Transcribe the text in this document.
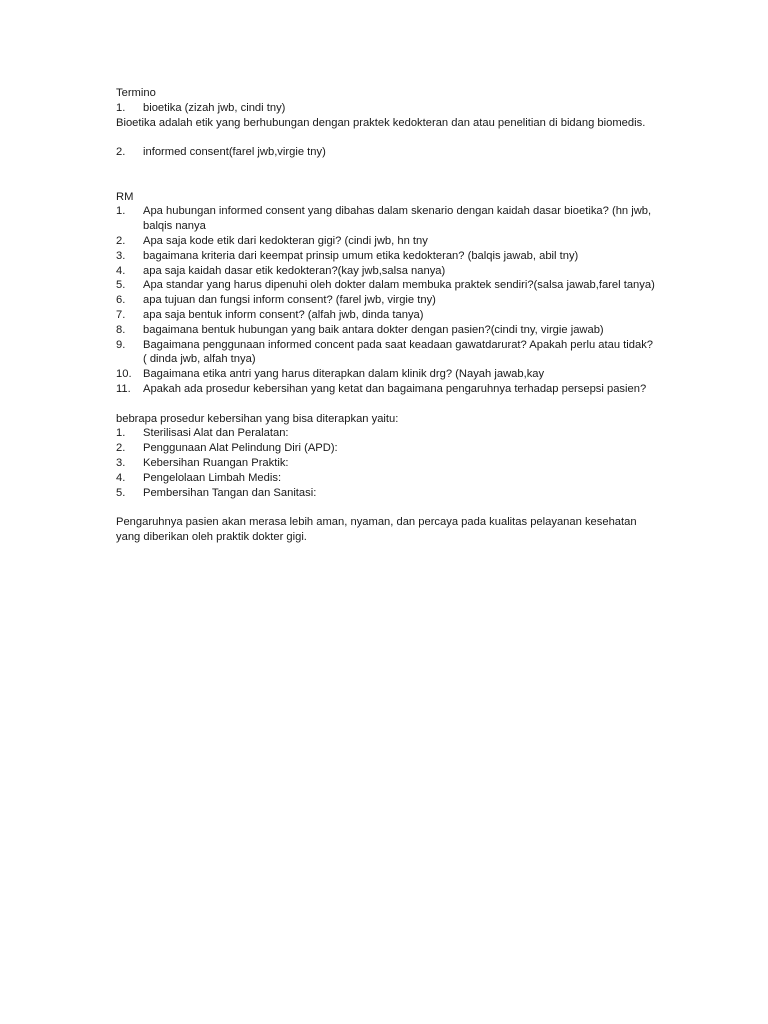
Termino

1. bioetika (zizah jwb, cindi tny)

Bioetika adalah etik yang berhubungan dengan praktek kedokteran dan atau penelitian di bidang biomedis.

2. informed consent(farel jwb,virgie tny)

RM

1. Apa hubungan informed consent yang dibahas dalam skenario dengan kaidah dasar bioetika? (hn jwb, balqis nanya
2. Apa saja kode etik dari kedokteran gigi? (cindi jwb, hn tny
3. bagaimana kriteria dari keempat prinsip umum etika kedokteran? (balqis jawab, abil tny)
4. apa saja kaidah dasar etik kedokteran?(kay jwb,salsa nanya)
5. Apa standar yang harus dipenuhi oleh dokter dalam membuka praktek sendiri?(salsa jawab,farel tanya)
6. apa tujuan dan fungsi inform consent? (farel jwb, virgie tny)
7. apa saja bentuk inform consent? (alfah jwb, dinda tanya)
8. bagaimana bentuk hubungan yang baik antara dokter dengan pasien?(cindi tny, virgie jawab)
9. Bagaimana penggunaan informed concent pada saat keadaan gawatdarurat? Apakah perlu atau tidak? ( dinda jwb, alfah tnya)
10. Bagaimana etika antri yang harus diterapkan dalam klinik drg? (Nayah jawab,kay
11. Apakah ada prosedur kebersihan yang ketat dan bagaimana pengaruhnya terhadap persepsi pasien?

bebrapa prosedur kebersihan yang bisa diterapkan yaitu:

1. Sterilisasi Alat dan Peralatan:
2. Penggunaan Alat Pelindung Diri (APD):
3. Kebersihan Ruangan Praktik:
4. Pengelolaan Limbah Medis:
5. Pembersihan Tangan dan Sanitasi:

Pengaruhnya pasien akan merasa lebih aman, nyaman, dan percaya pada kualitas pelayanan kesehatan yang diberikan oleh praktik dokter gigi.
